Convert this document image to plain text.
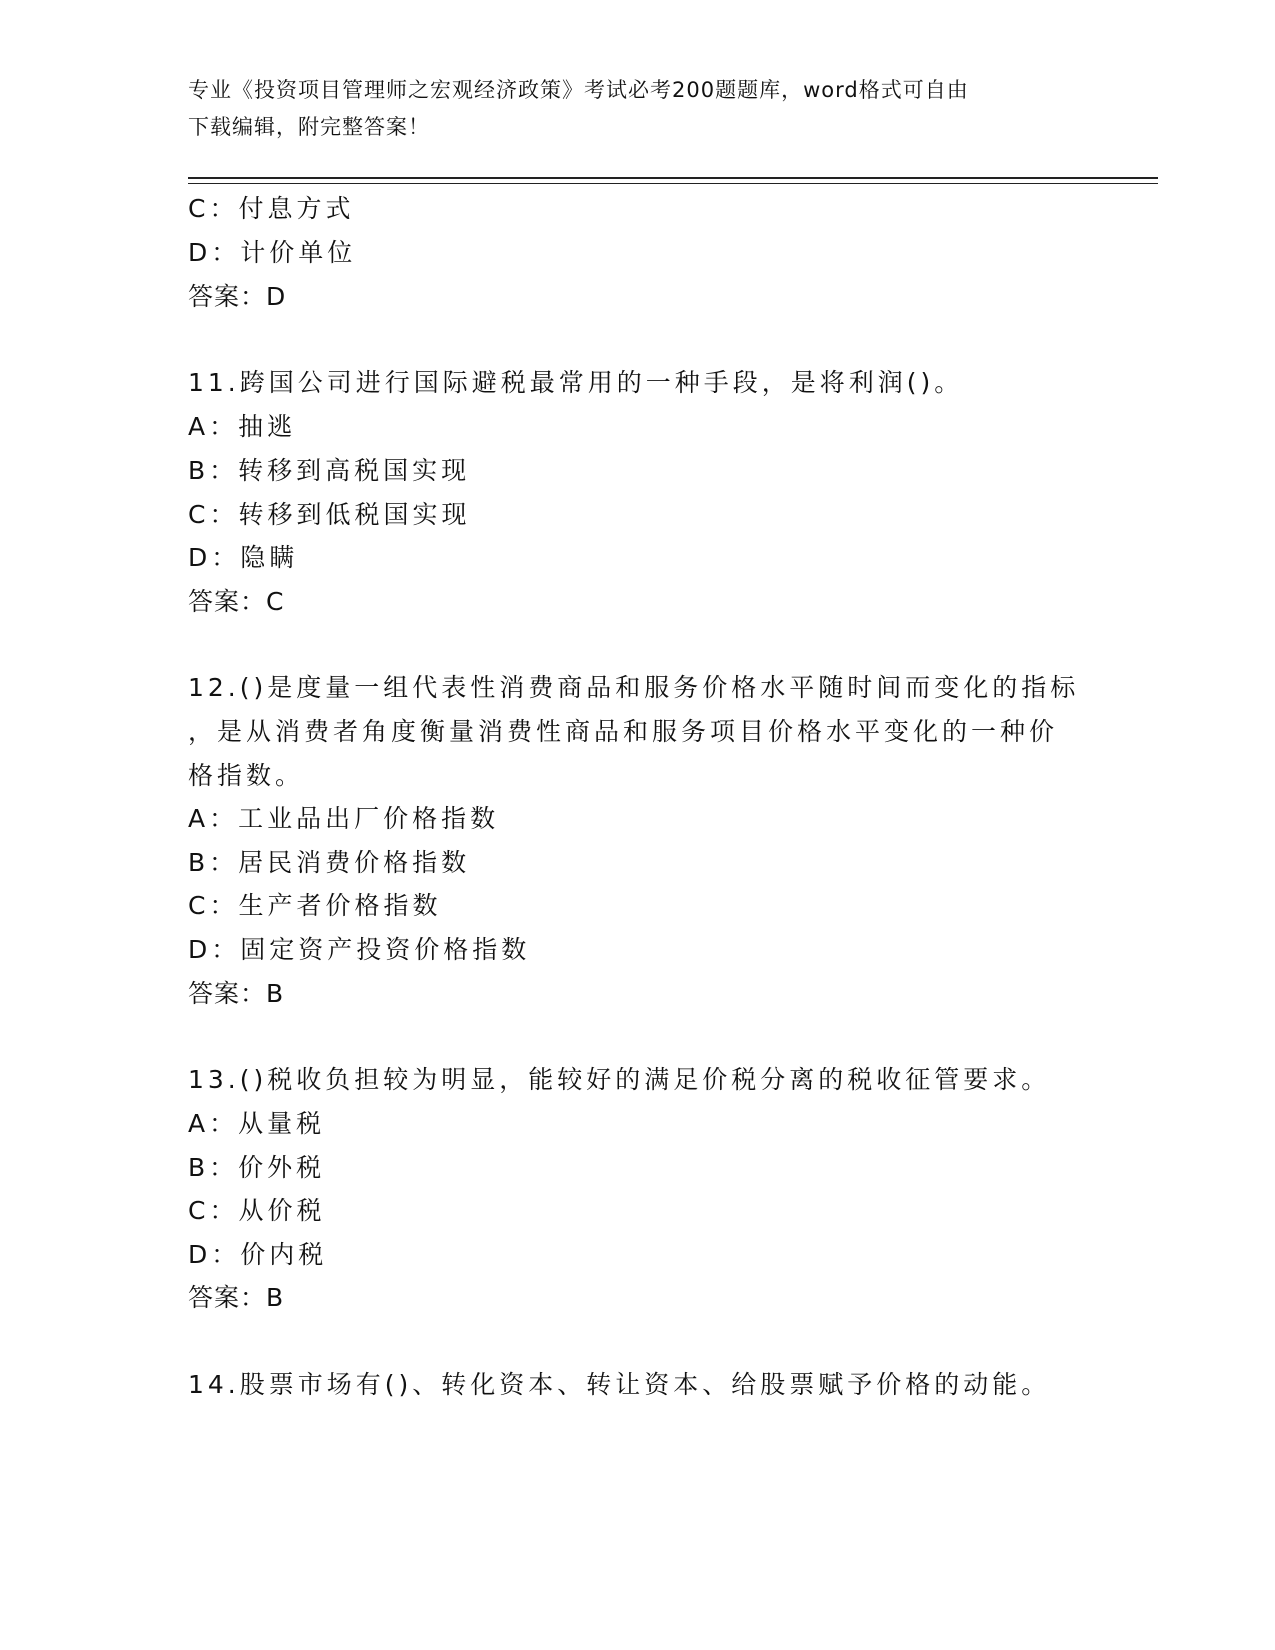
专业《投资项目管理师之宏观经济政策》考试必考200题题库，word格式可自由
下载编辑，附完整答案！
C：付息方式
D：计价单位
答案：D
11.跨国公司进行国际避税最常用的一种手段，是将利润()。
A：抽逃
B：转移到高税国实现
C：转移到低税国实现
D：隐瞒
答案：C
12.()是度量一组代表性消费商品和服务价格水平随时间而变化的指标
，是从消费者角度衡量消费性商品和服务项目价格水平变化的一种价
格指数。
A：工业品出厂价格指数
B：居民消费价格指数
C：生产者价格指数
D：固定资产投资价格指数
答案：B
13.()税收负担较为明显，能较好的满足价税分离的税收征管要求。
A：从量税
B：价外税
C：从价税
D：价内税
答案：B
14.股票市场有()、转化资本、转让资本、给股票赋予价格的动能。
